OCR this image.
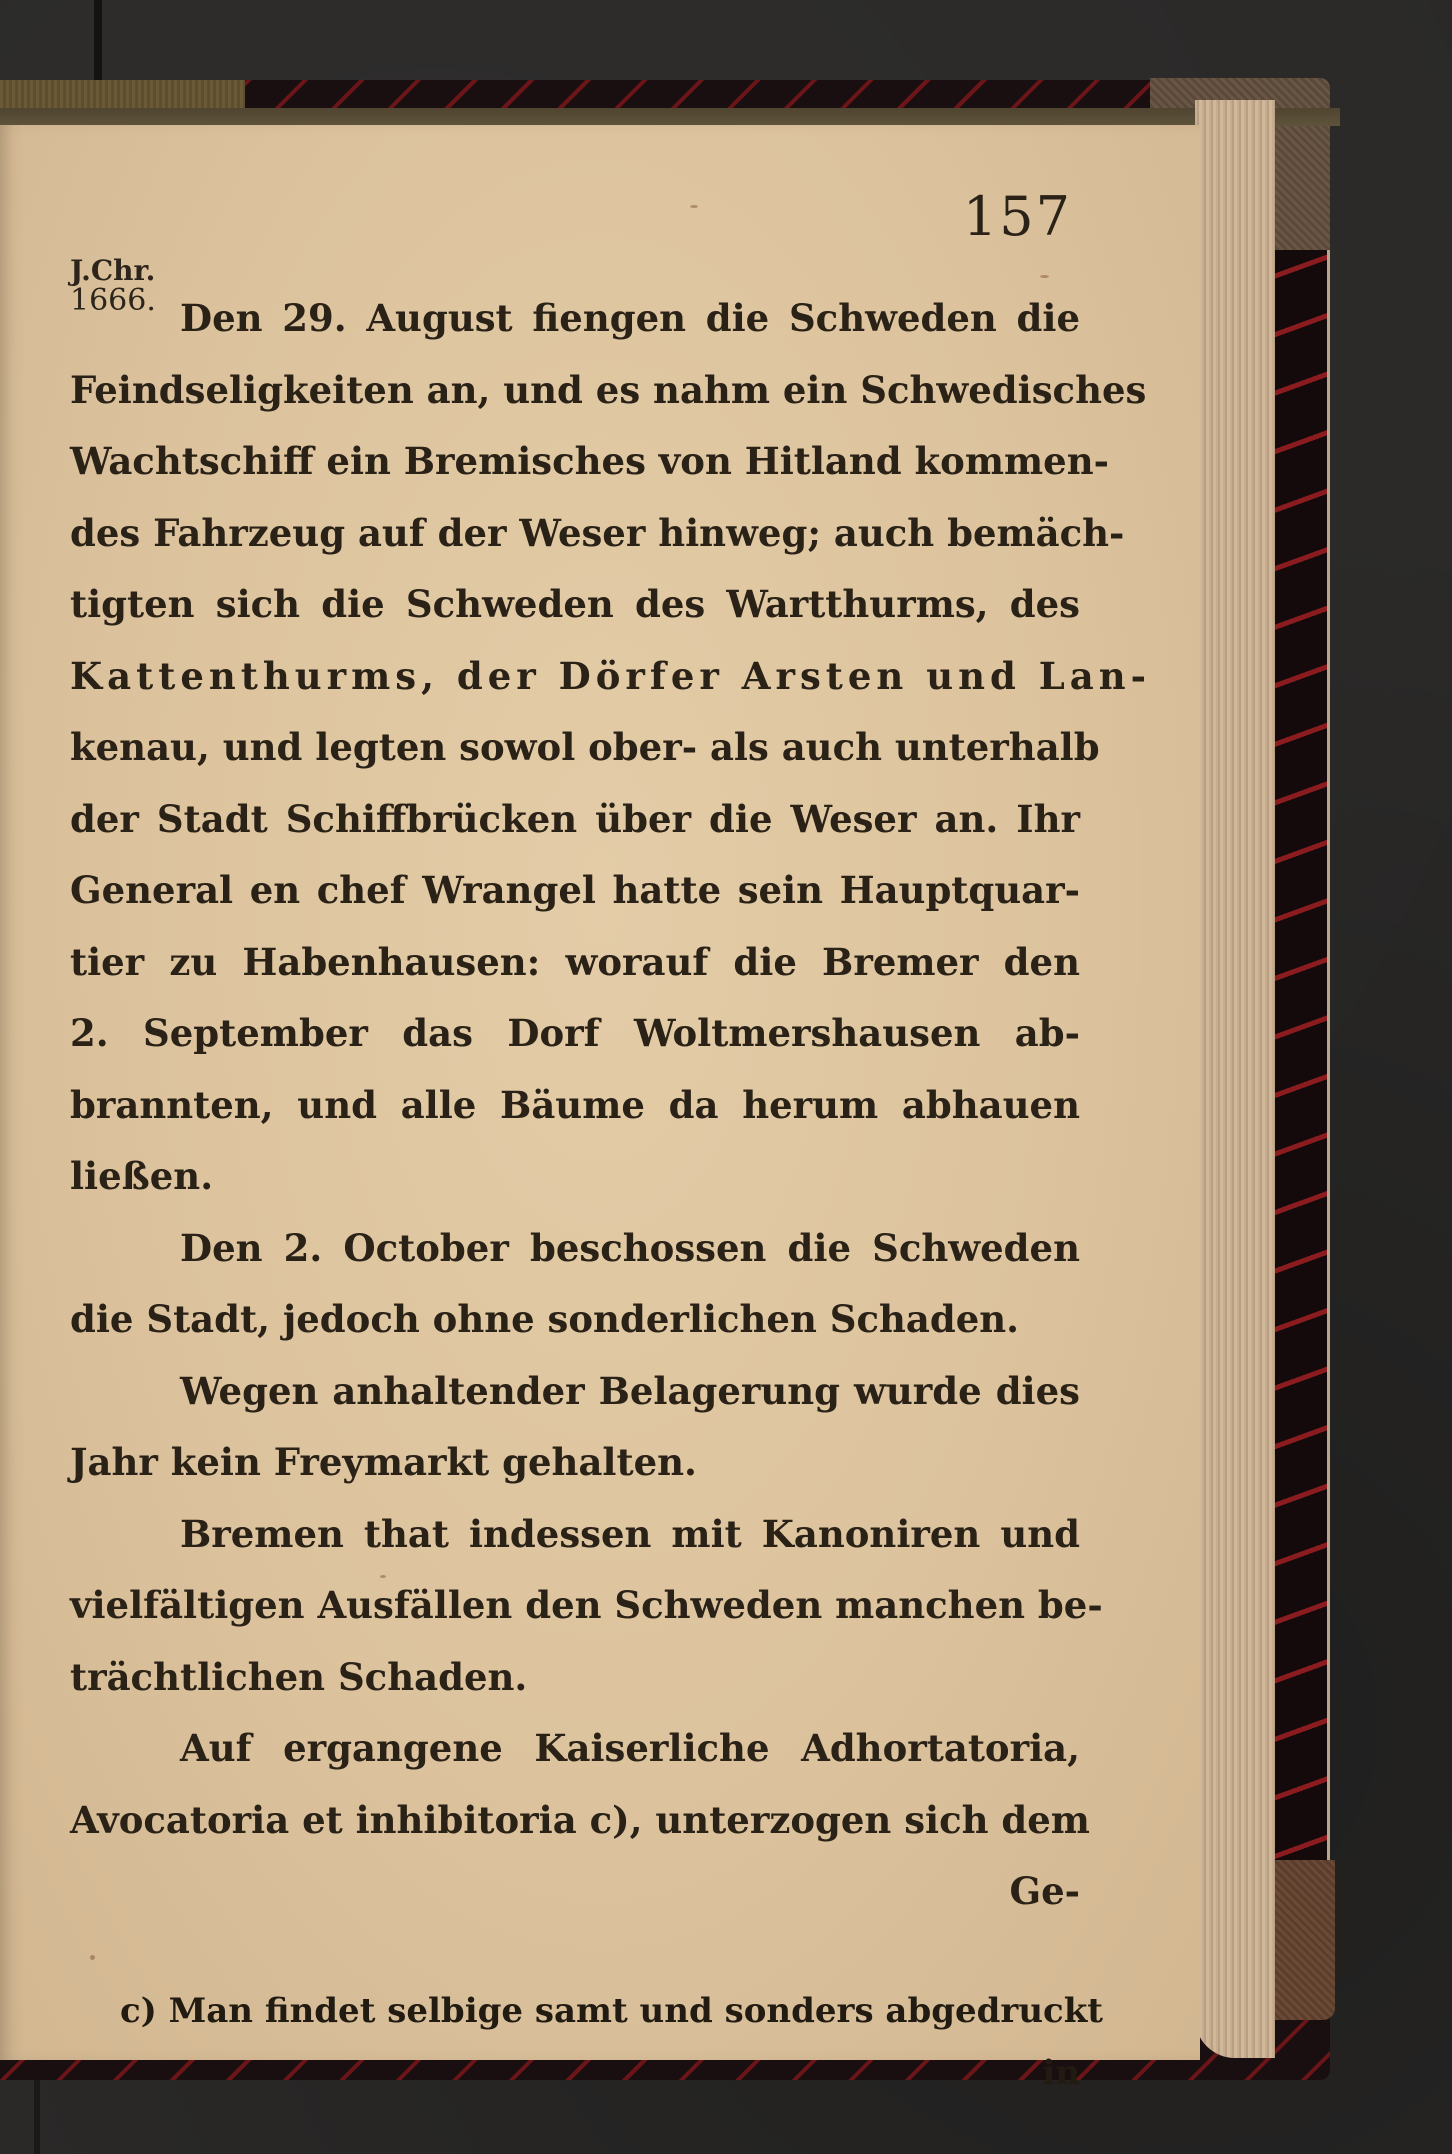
157
J.Chr.
1666. Den 29. August fiengen die Schweden die
Feindseligkeiten an, und es nahm ein Schwedisches
Wachtschiff ein Bremisches von Hitland kommen-
des Fahrzeug auf der Weser hinweg; auch bemäch-
tigten sich die Schweden des Wartthurms, des
Kattenthurms, der Dörfer Arsten und Lan-
kenau, und legten sowol ober- als auch unterhalb
der Stadt Schiffbrücken über die Weser an. Ihr
General en chef Wrangel hatte sein Hauptquar-
tier zu Habenhausen: worauf die Bremer den
2. September das Dorf Woltmershausen ab-
brannten, und alle Bäume da herum abhauen
ließen.
Den 2. October beschossen die Schweden
die Stadt, jedoch ohne sonderlichen Schaden.
Wegen anhaltender Belagerung wurde dies
Jahr kein Freymarkt gehalten.
Bremen that indessen mit Kanoniren und
vielfältigen Ausfällen den Schweden manchen be-
trächtlichen Schaden.
Auf ergangene Kaiserliche Adhortatoria,
Avocatoria et inhibitoria c), unterzogen sich dem
Ge-
c) Man findet selbige samt und sonders abgedruckt
in
